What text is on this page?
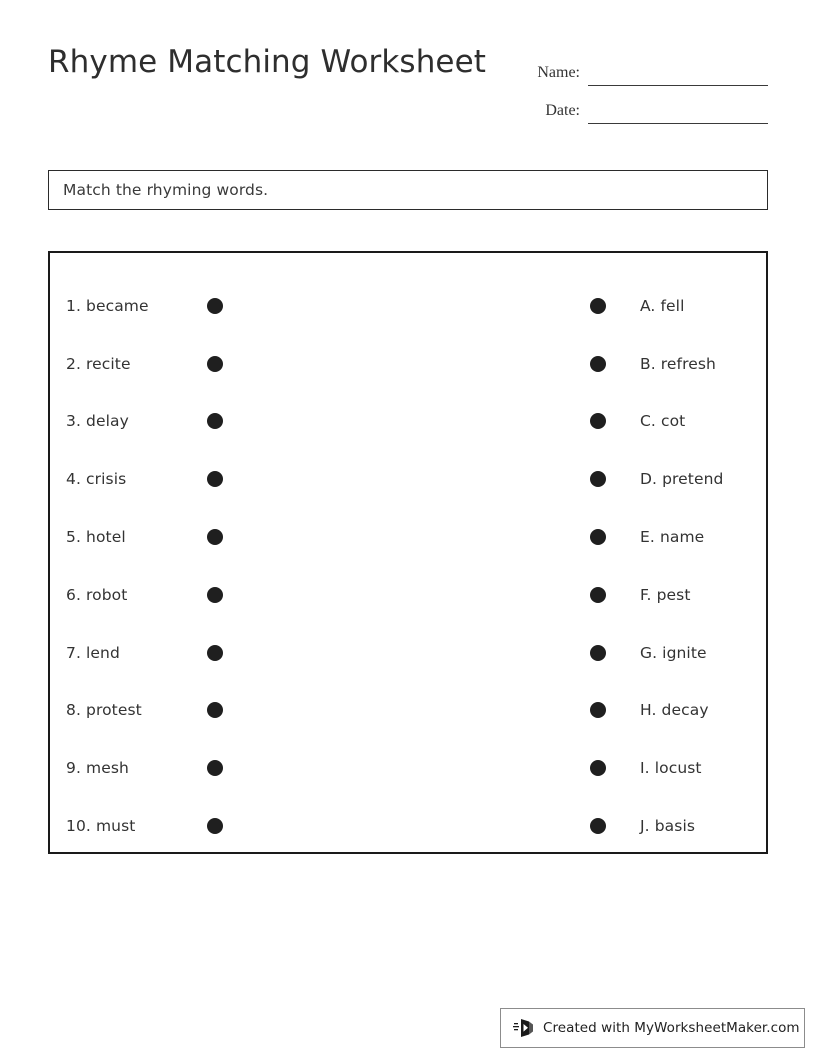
Rhyme Matching Worksheet	Name:
Date:
Match the rhyming words.
1. became
2. recite
3. delay
4. crisis
5. hotel
6. robot
7. lend
8. protest
9. mesh
10. must
A. fell
B. refresh
C. cot
D. pretend
E. name
F. pest
G. ignite
H. decay
I. locust
J. basis
Created with MyWorksheetMaker.com
